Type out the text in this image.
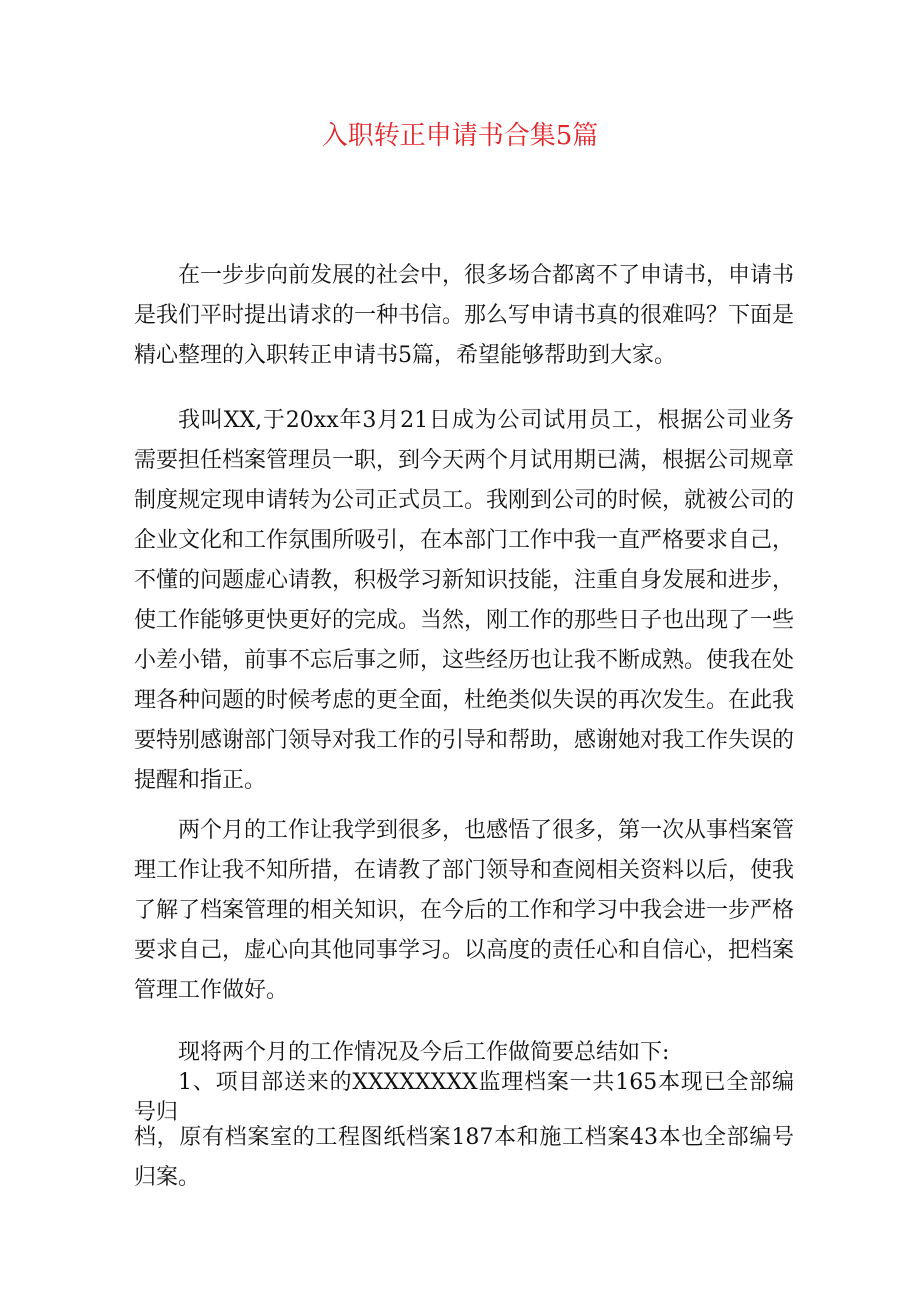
入职转正申请书合集5篇

在一步步向前发展的社会中，很多场合都离不了申请书，申请书是我们平时提出请求的一种书信。那么写申请书真的很难吗？下面是精心整理的入职转正申请书5篇，希望能够帮助到大家。

我叫XX,于20xx年3月21日成为公司试用员工，根据公司业务需要担任档案管理员一职，到今天两个月试用期已满，根据公司规章制度规定现申请转为公司正式员工。我刚到公司的时候，就被公司的企业文化和工作氛围所吸引，在本部门工作中我一直严格要求自己，不懂的问题虚心请教，积极学习新知识技能，注重自身发展和进步，使工作能够更快更好的完成。当然，刚工作的那些日子也出现了一些小差小错，前事不忘后事之师，这些经历也让我不断成熟。使我在处理各种问题的时候考虑的更全面，杜绝类似失误的再次发生。在此我要特别感谢部门领导对我工作的引导和帮助，感谢她对我工作失误的提醒和指正。

两个月的工作让我学到很多，也感悟了很多，第一次从事档案管理工作让我不知所措，在请教了部门领导和查阅相关资料以后，使我了解了档案管理的相关知识，在今后的工作和学习中我会进一步严格要求自己，虚心向其他同事学习。以高度的责任心和自信心，把档案管理工作做好。

现将两个月的工作情况及今后工作做简要总结如下:

1、项目部送来的XXXXXXXX监理档案一共165本现已全部编号归

档，原有档案室的工程图纸档案187本和施工档案43本也全部编号归案。
